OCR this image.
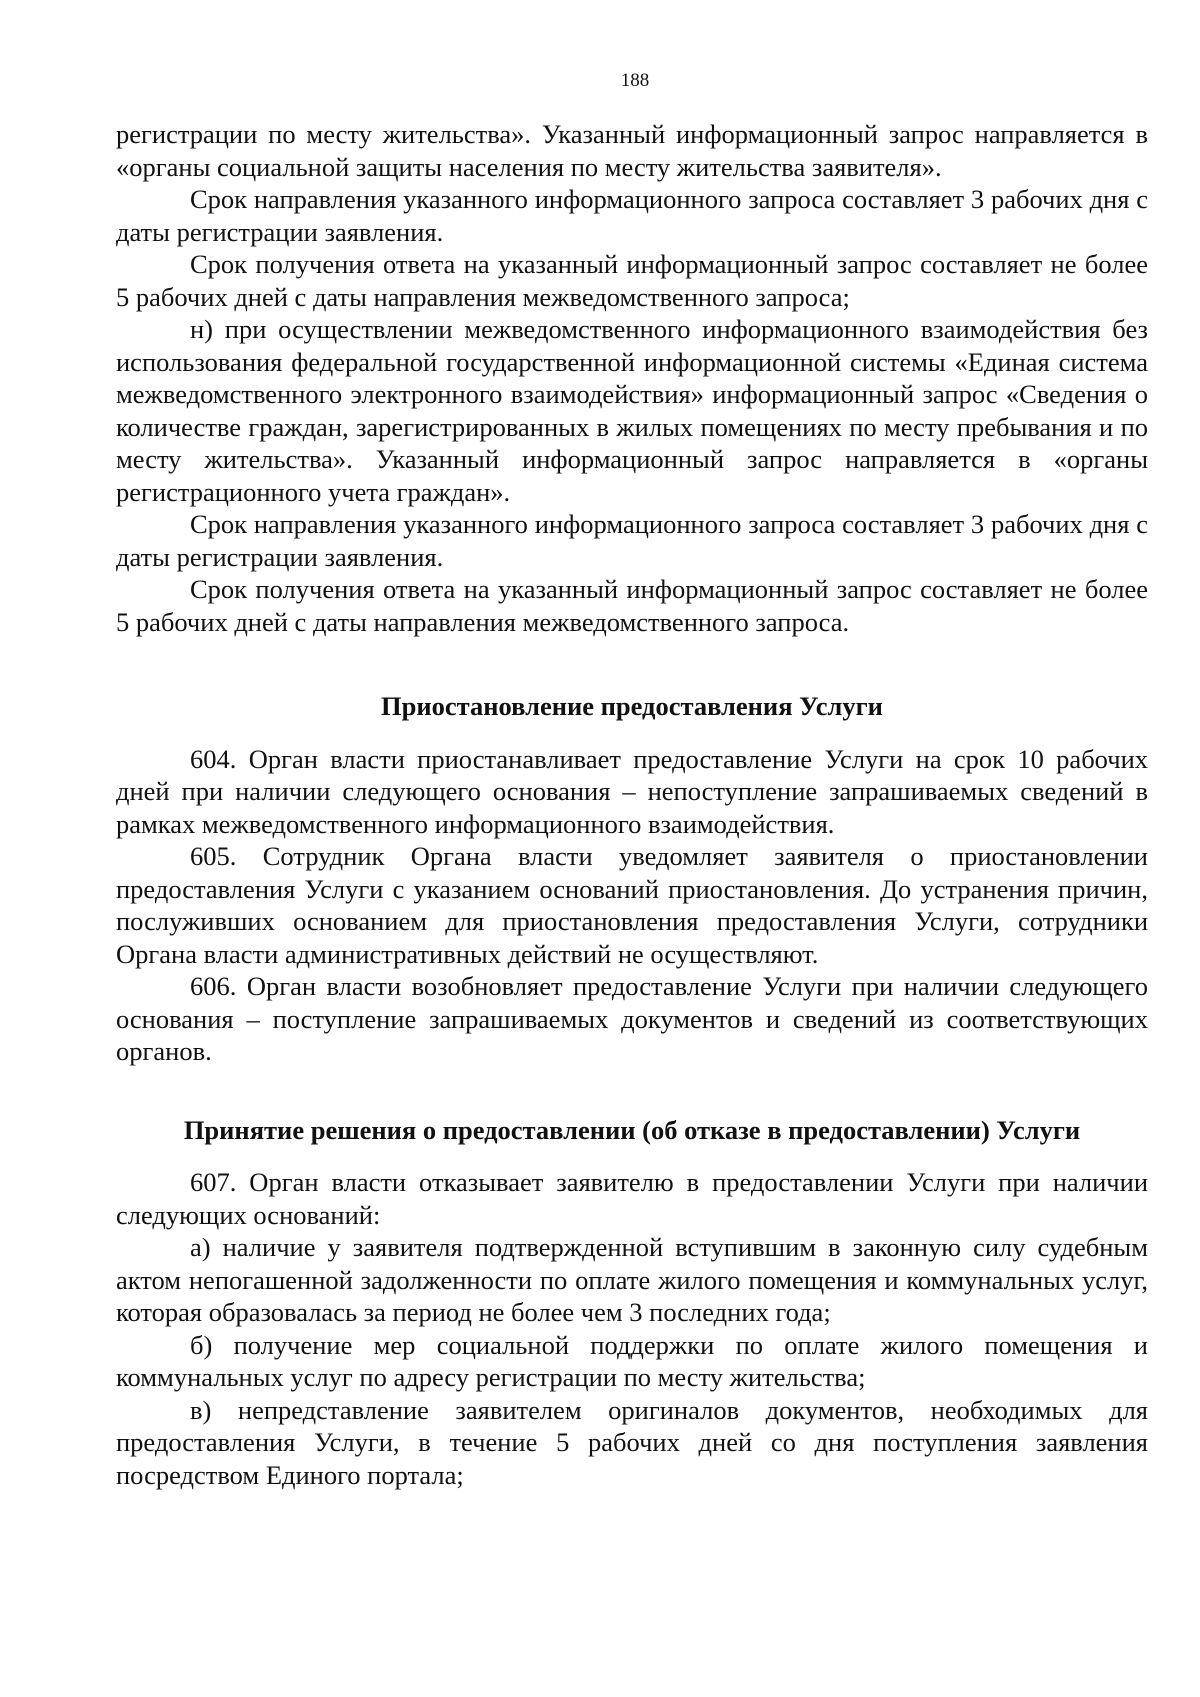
188

регистрации по месту жительства». Указанный информационный запрос направляется в «органы социальной защиты населения по месту жительства заявителя».

Срок направления указанного информационного запроса составляет 3 рабочих дня с даты регистрации заявления.

Срок получения ответа на указанный информационный запрос составляет не более 5 рабочих дней с даты направления межведомственного запроса;

н) при осуществлении межведомственного информационного взаимодействия без использования федеральной государственной информационной системы «Единая система межведомственного электронного взаимодействия» информационный запрос «Сведения о количестве граждан, зарегистрированных в жилых помещениях по месту пребывания и по месту жительства». Указанный информационный запрос направляется в «органы регистрационного учета граждан».

Срок направления указанного информационного запроса составляет 3 рабочих дня с даты регистрации заявления.

Срок получения ответа на указанный информационный запрос составляет не более 5 рабочих дней с даты направления межведомственного запроса.

Приостановление предоставления Услуги

604. Орган власти приостанавливает предоставление Услуги на срок 10 рабочих дней при наличии следующего основания – непоступление запрашиваемых сведений в рамках межведомственного информационного взаимодействия.

605. Сотрудник Органа власти уведомляет заявителя о приостановлении предоставления Услуги с указанием оснований приостановления. До устранения причин, послуживших основанием для приостановления предоставления Услуги, сотрудники Органа власти административных действий не осуществляют.

606. Орган власти возобновляет предоставление Услуги при наличии следующего основания – поступление запрашиваемых документов и сведений из соответствующих органов.

Принятие решения о предоставлении (об отказе в предоставлении) Услуги

607. Орган власти отказывает заявителю в предоставлении Услуги при наличии следующих оснований:

а) наличие у заявителя подтвержденной вступившим в законную силу судебным актом непогашенной задолженности по оплате жилого помещения и коммунальных услуг, которая образовалась за период не более чем 3 последних года;

б) получение мер социальной поддержки по оплате жилого помещения и коммунальных услуг по адресу регистрации по месту жительства;

в) непредставление заявителем оригиналов документов, необходимых для предоставления Услуги, в течение 5 рабочих дней со дня поступления заявления посредством Единого портала;
